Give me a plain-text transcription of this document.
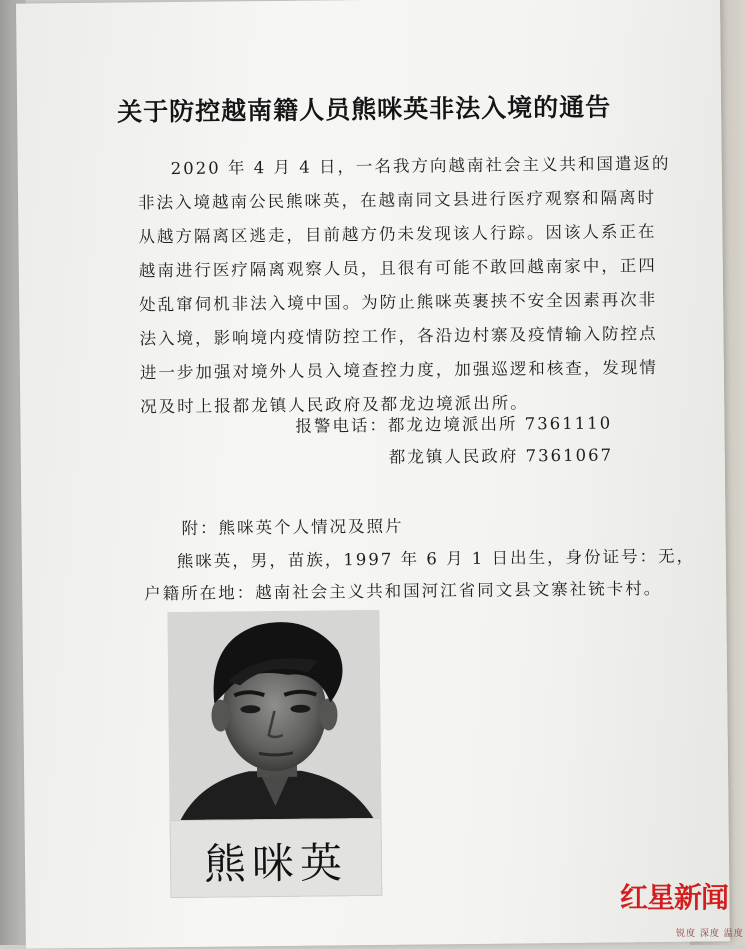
关于防控越南籍人员熊咪英非法入境的通告
2020 年 4 月 4 日，一名我方向越南社会主义共和国遣返的
非法入境越南公民熊咪英，在越南同文县进行医疗观察和隔离时
从越方隔离区逃走，目前越方仍未发现该人行踪。因该人系正在
越南进行医疗隔离观察人员，且很有可能不敢回越南家中，正四
处乱窜伺机非法入境中国。为防止熊咪英裹挟不安全因素再次非
法入境，影响境内疫情防控工作，各沿边村寨及疫情输入防控点
进一步加强对境外人员入境查控力度，加强巡逻和核查，发现情
况及时上报都龙镇人民政府及都龙边境派出所。
报警电话：都龙边境派出所 7361110
都龙镇人民政府 7361067
附：熊咪英个人情况及照片
熊咪英，男，苗族，1997 年 6 月 1 日出生，身份证号：无，
户籍所在地：越南社会主义共和国河江省同文县文寨社铳卡村。
熊咪英
红星新闻
锐度 深度 温度
